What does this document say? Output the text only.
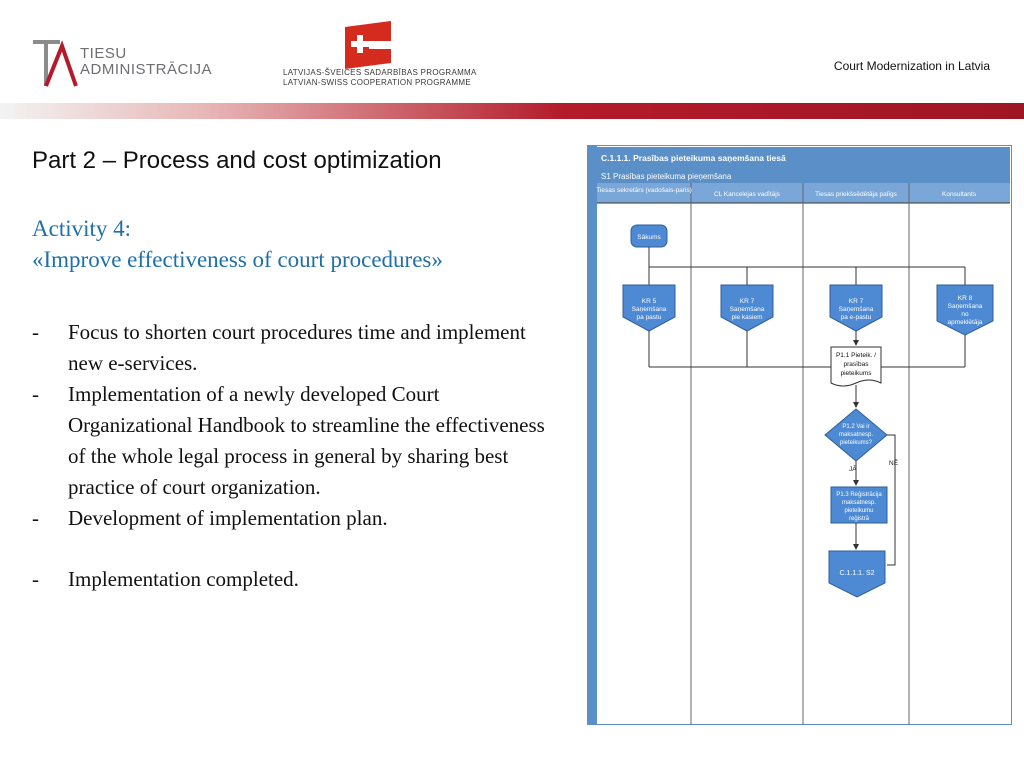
TIESU
ADMINISTRĀCIJA	LATVIJAS-ŠVEICES SADARBĪBAS PROGRAMMA
LATVIAN-SWISS COOPERATION PROGRAMME
Court Modernization in Latvia
Part 2 – Process and cost optimization
Activity 4:
«Improve effectiveness of court procedures»
- Focus to shorten court procedures time and implement new e-services.
- Implementation of a newly developed Court Organizational Handbook to streamline the effectiveness of the whole legal process in general by sharing best practice of court organization.
- Development of implementation plan.
- Implementation completed.
C.1.1.1. Prasības pieteikuma saņemšana tiesā
S1 Prasības pieteikuma pieņemšana
Tiesas sekretārs (vadošais-paris)
CL Kancelejas vadītājs	Tiesas priekšsēdētāja palīgs	Konsultants
Sākums
KR 5
Saņemšana
pa pastu
KR 7
Saņemšana
pie kasiem
KR 7
Saņemšana
pa e-pastu
KR 8
Saņemšana
no
apmeklētāja
P1.1 Pieteik. /
prasības
pieteikums
P1.2 Vai ir
maksatnesp.
pieteikums?
JĀ
NĒ
P1.3 Reģistrācija
maksatnesp.
pieteikumu
reģistrā
C.1.1.1. S2
